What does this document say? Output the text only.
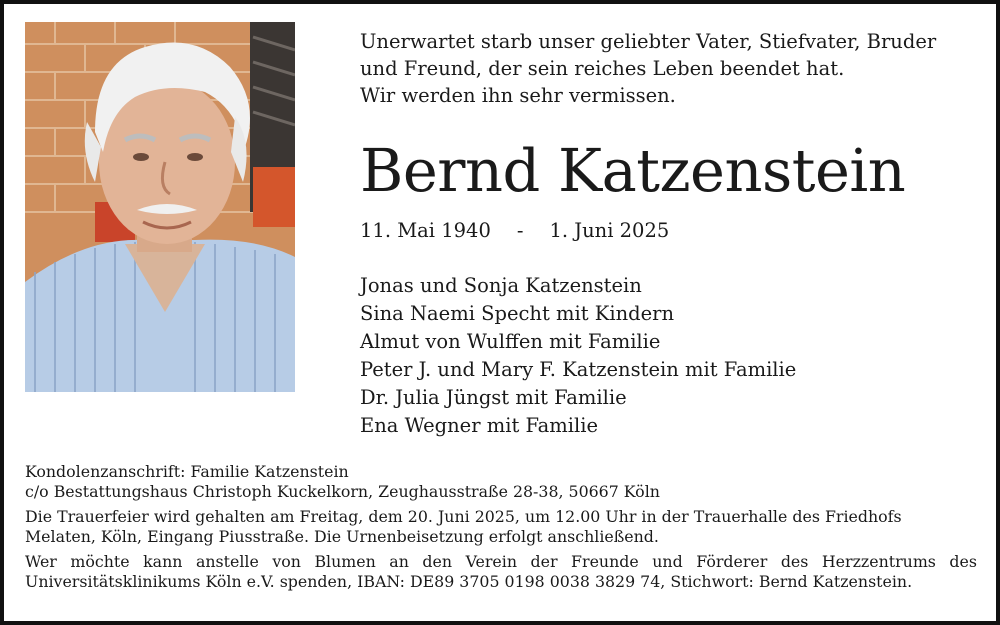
Unerwartet starb unser geliebter Vater, Stiefvater, Bruder
und Freund, der sein reiches Leben beendet hat.
Wir werden ihn sehr vermissen.
Bernd Katzenstein
11. Mai 1940 - 1. Juni 2025
Jonas und Sonja Katzenstein
Sina Naemi Specht mit Kindern
Almut von Wulffen mit Familie
Peter J. und Mary F. Katzenstein mit Familie
Dr. Julia Jüngst mit Familie
Ena Wegner mit Familie
Kondolenzanschrift: Familie Katzenstein
c/o Bestattungshaus Christoph Kuckelkorn, Zeughausstraße 28-38, 50667 Köln
Die Trauerfeier wird gehalten am Freitag, dem 20. Juni 2025, um 12.00 Uhr in der Trauerhalle des Friedhofs
Melaten, Köln, Eingang Piusstraße. Die Urnenbeisetzung erfolgt anschließend.
Wer möchte kann anstelle von Blumen an den Verein der Freunde und Förderer des Herzzentrums des
Universitätsklinikums Köln e.V. spenden, IBAN: DE89 3705 0198 0038 3829 74, Stichwort: Bernd Katzenstein.
